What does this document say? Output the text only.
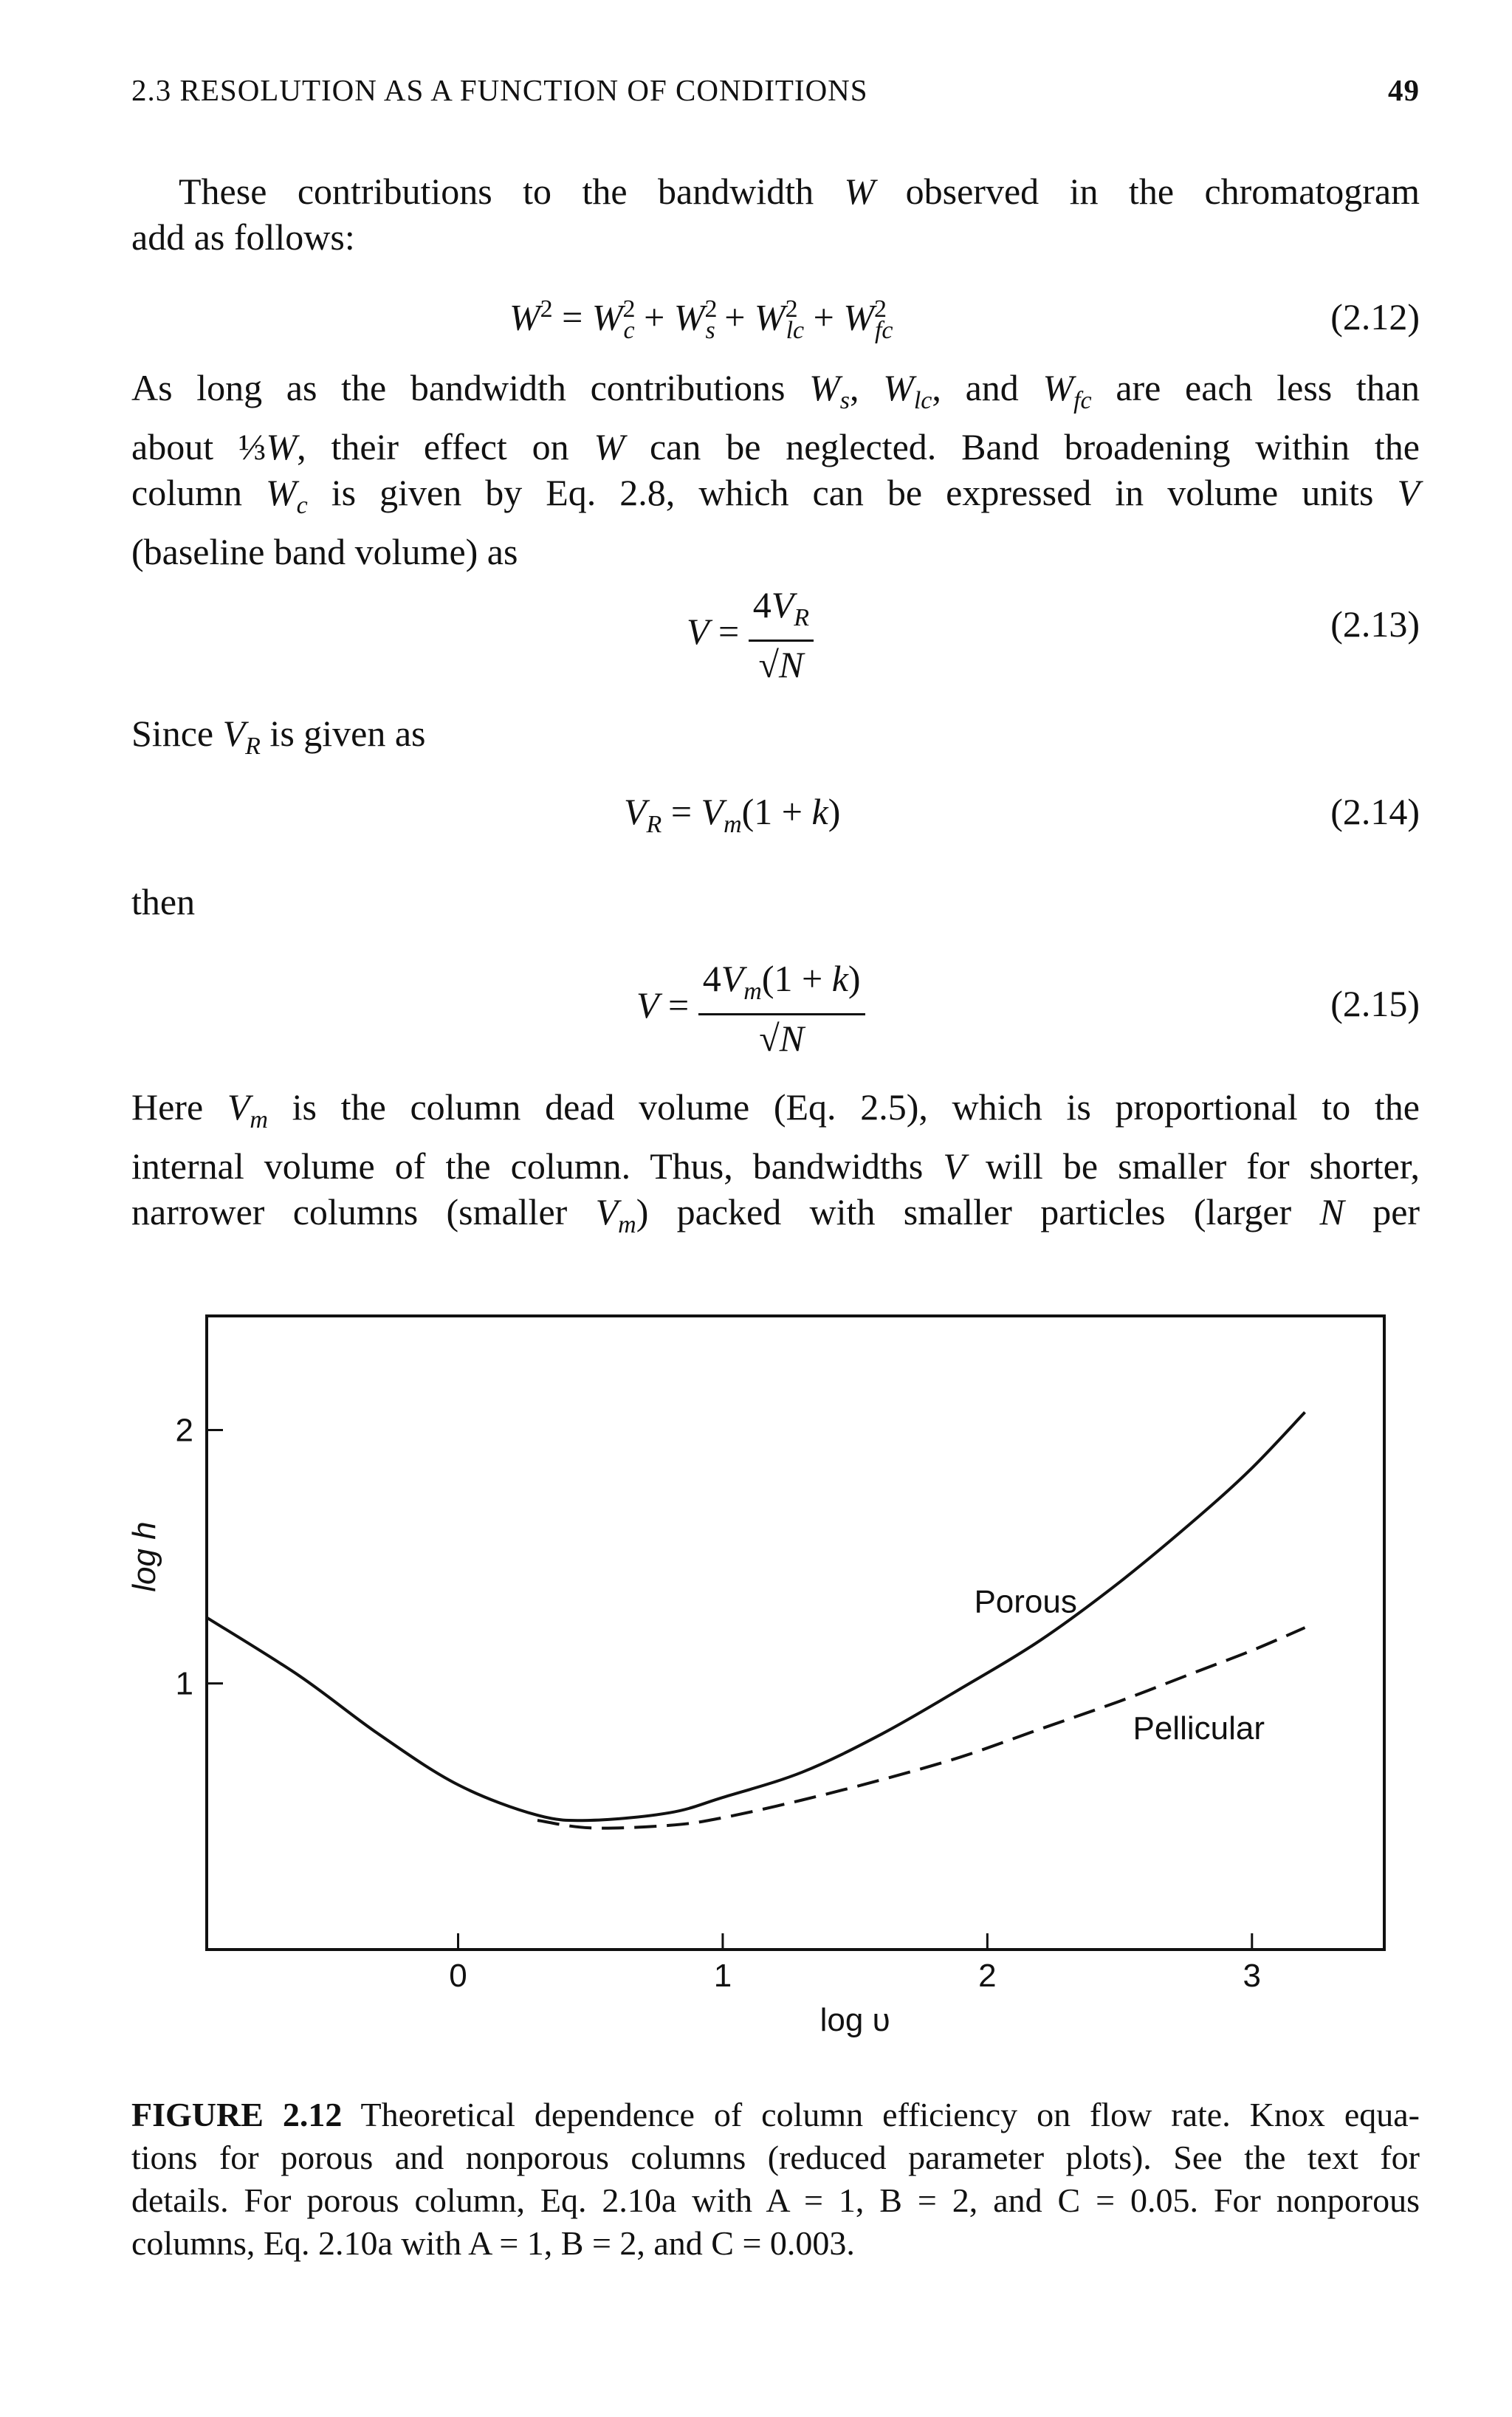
2.3 RESOLUTION AS A FUNCTION OF CONDITIONS	49
These contributions to the bandwidth W observed in the chromatogram
add as follows:
$W^2 = W^2_c + W^2_s + W^2_{lc} + W^2_{fc}$	(2.12)
As long as the bandwidth contributions $W_s$, $W_{lc}$, and $W_{fc}$ are each less than
about ⅓W, their effect on W can be neglected. Band broadening within the
column $W_c$ is given by Eq. 2.8, which can be expressed in volume units V
(baseline band volume) as
$V = \frac{4V_R}{√N}$	(2.13)
Since $V_R$ is given as
$V_R = V_m(1 + k)$	(2.14)
then
$V = \frac{4V_m(1 + k)}{√N}$	(2.15)
Here $V_m$ is the column dead volume (Eq. 2.5), which is proportional to the
internal volume of the column. Thus, bandwidths V will be smaller for shorter,
narrower columns (smaller $V_m$) packed with smaller particles (larger N per
1
2
0	1	2	3
log h
log υ
Porous
Pellicular
FIGURE 2.12 Theoretical dependence of column efficiency on flow rate. Knox equa-
tions for porous and nonporous columns (reduced parameter plots). See the text for
details. For porous column, Eq. 2.10a with A = 1, B = 2, and C = 0.05. For nonporous
columns, Eq. 2.10a with A = 1, B = 2, and C = 0.003.
